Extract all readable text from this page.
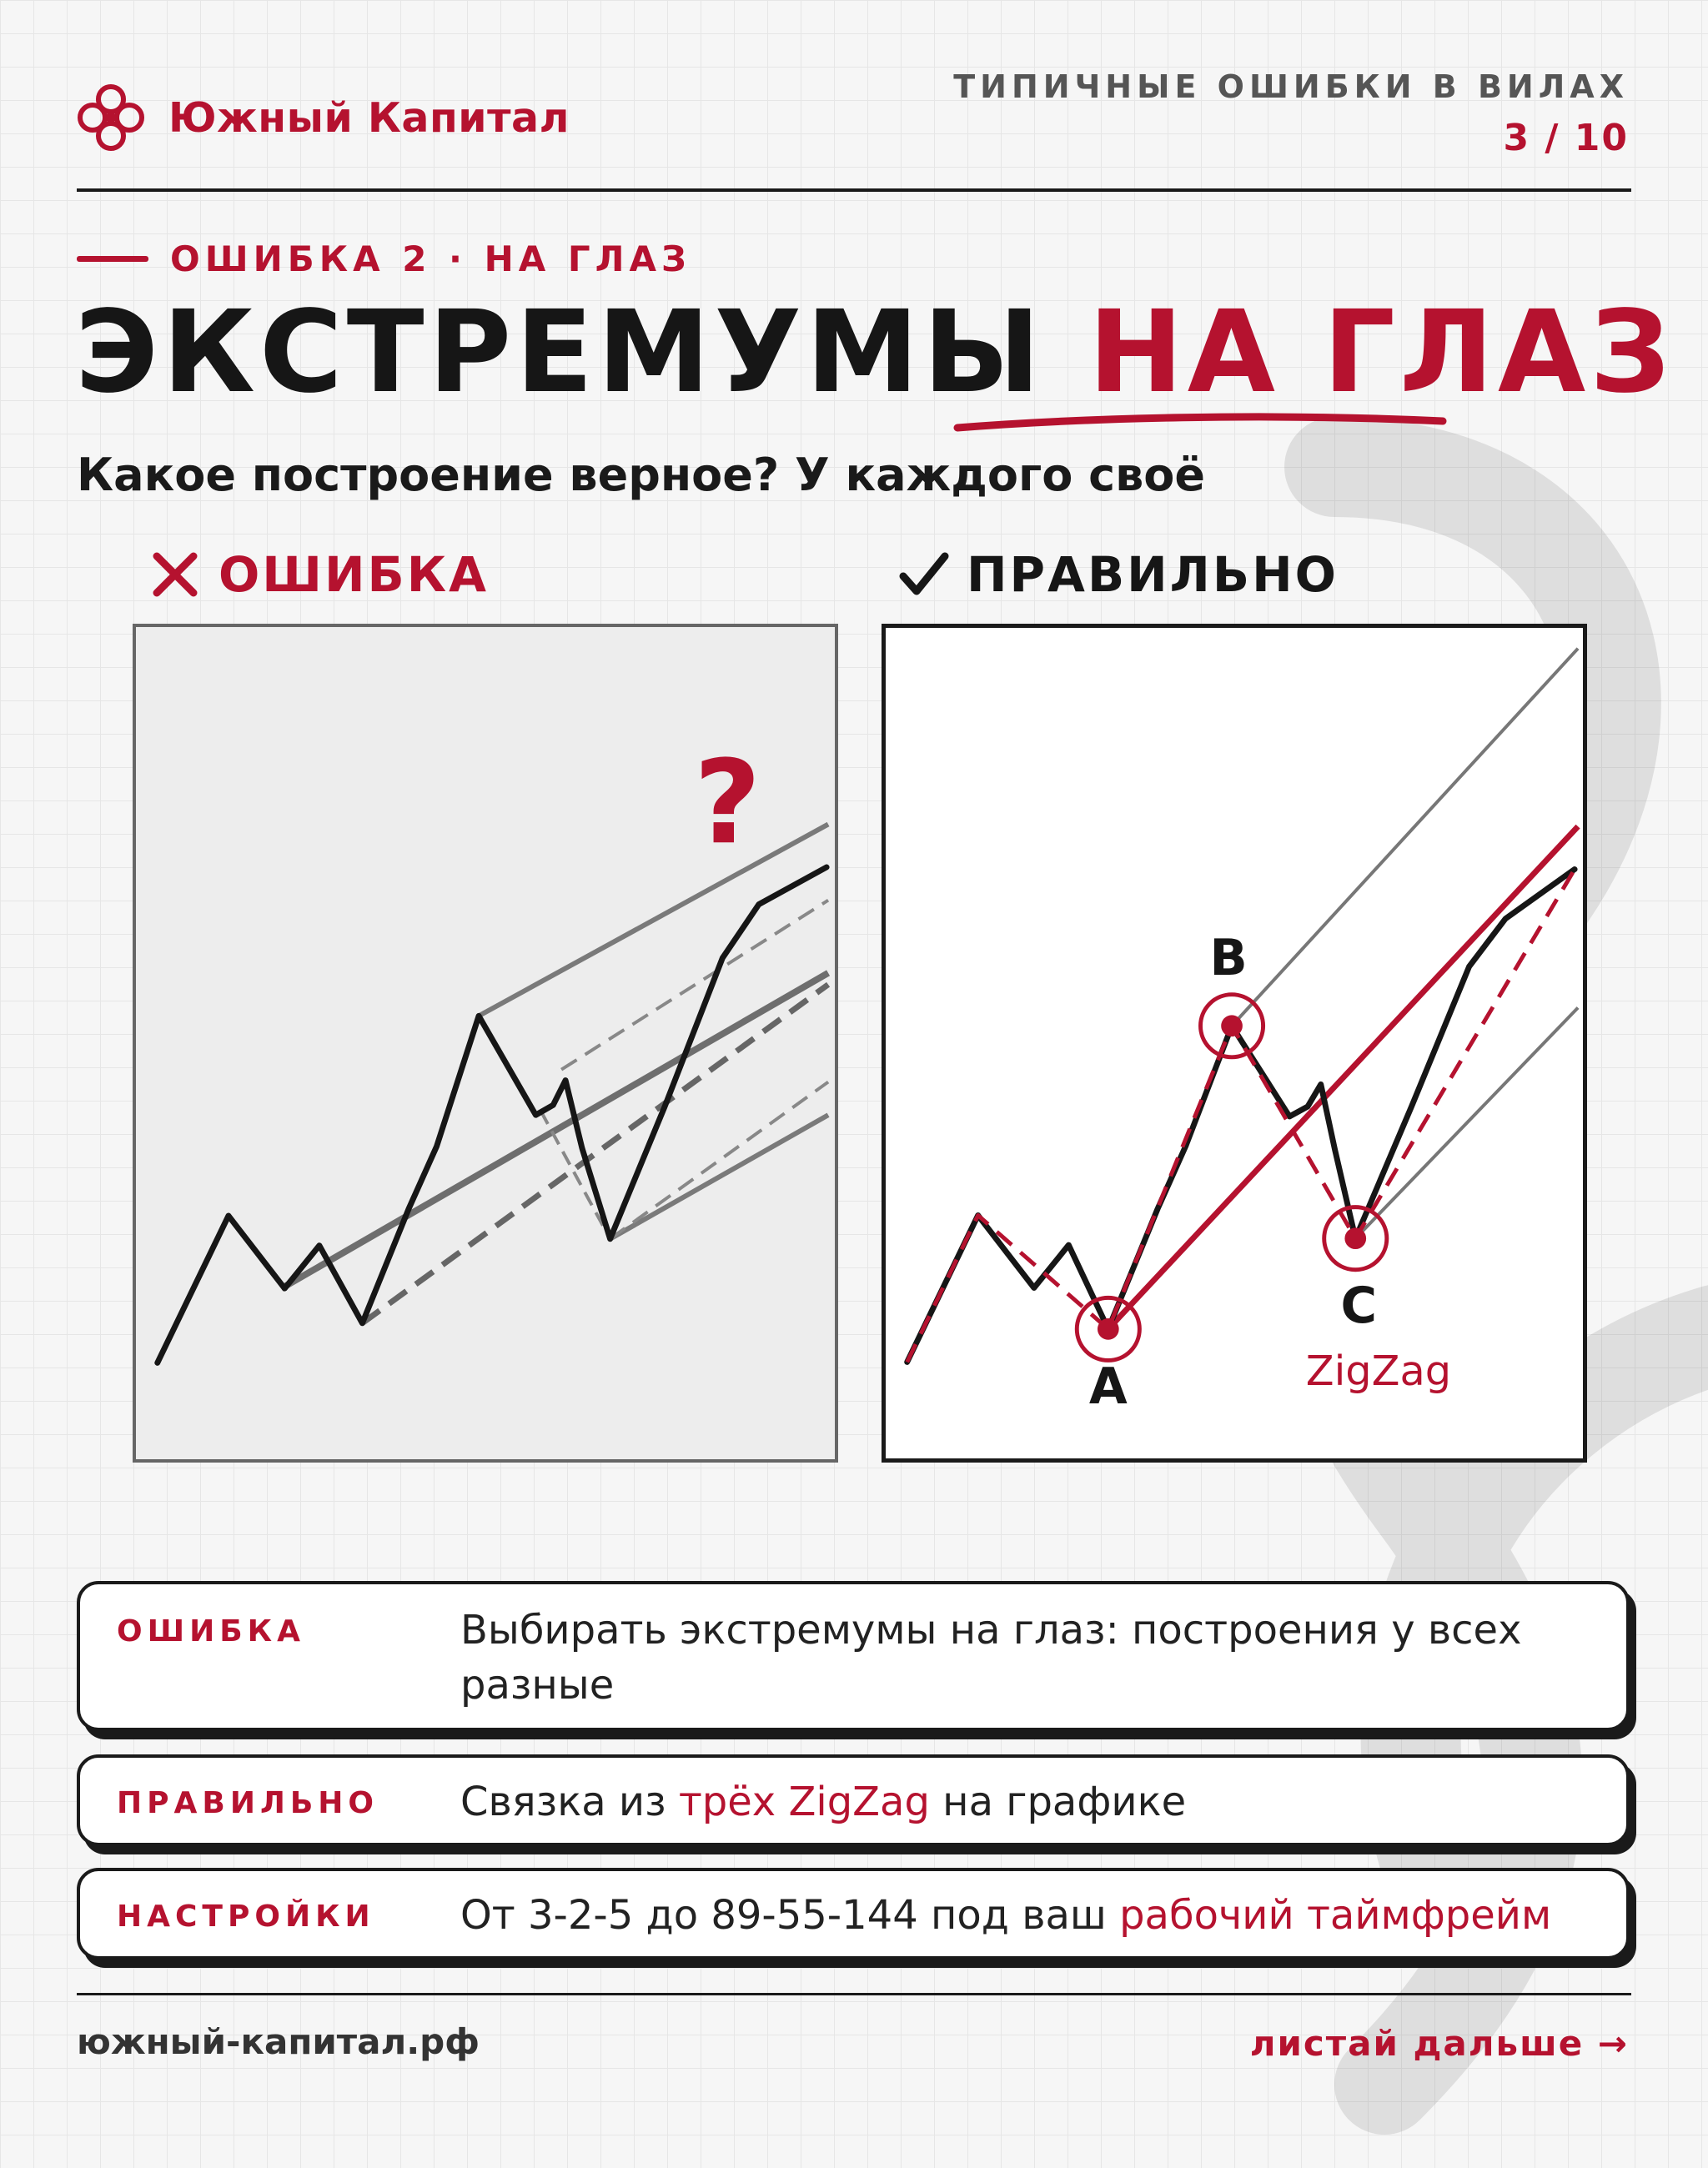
Южный Капитал
ТИПИЧНЫЕ ОШИБКИ В ВИЛАХ
3 / 10
ОШИБКА 2 · НА ГЛАЗ
ЭКСТРЕМУМЫ НА ГЛАЗ
Какое построение верное? У каждого своё
ОШИБКА	ПРАВИЛЬНО
?
A
B
C
ZigZag
ОШИБКА	Выбирать экстремумы на глаз: построения у всех разные
ПРАВИЛЬНО Связка из трёх ZigZag на графике
НАСТРОЙКИ От 3-2-5 до 89-55-144 под ваш рабочий таймфрейм
южный-капитал.рф	листай дальше →
